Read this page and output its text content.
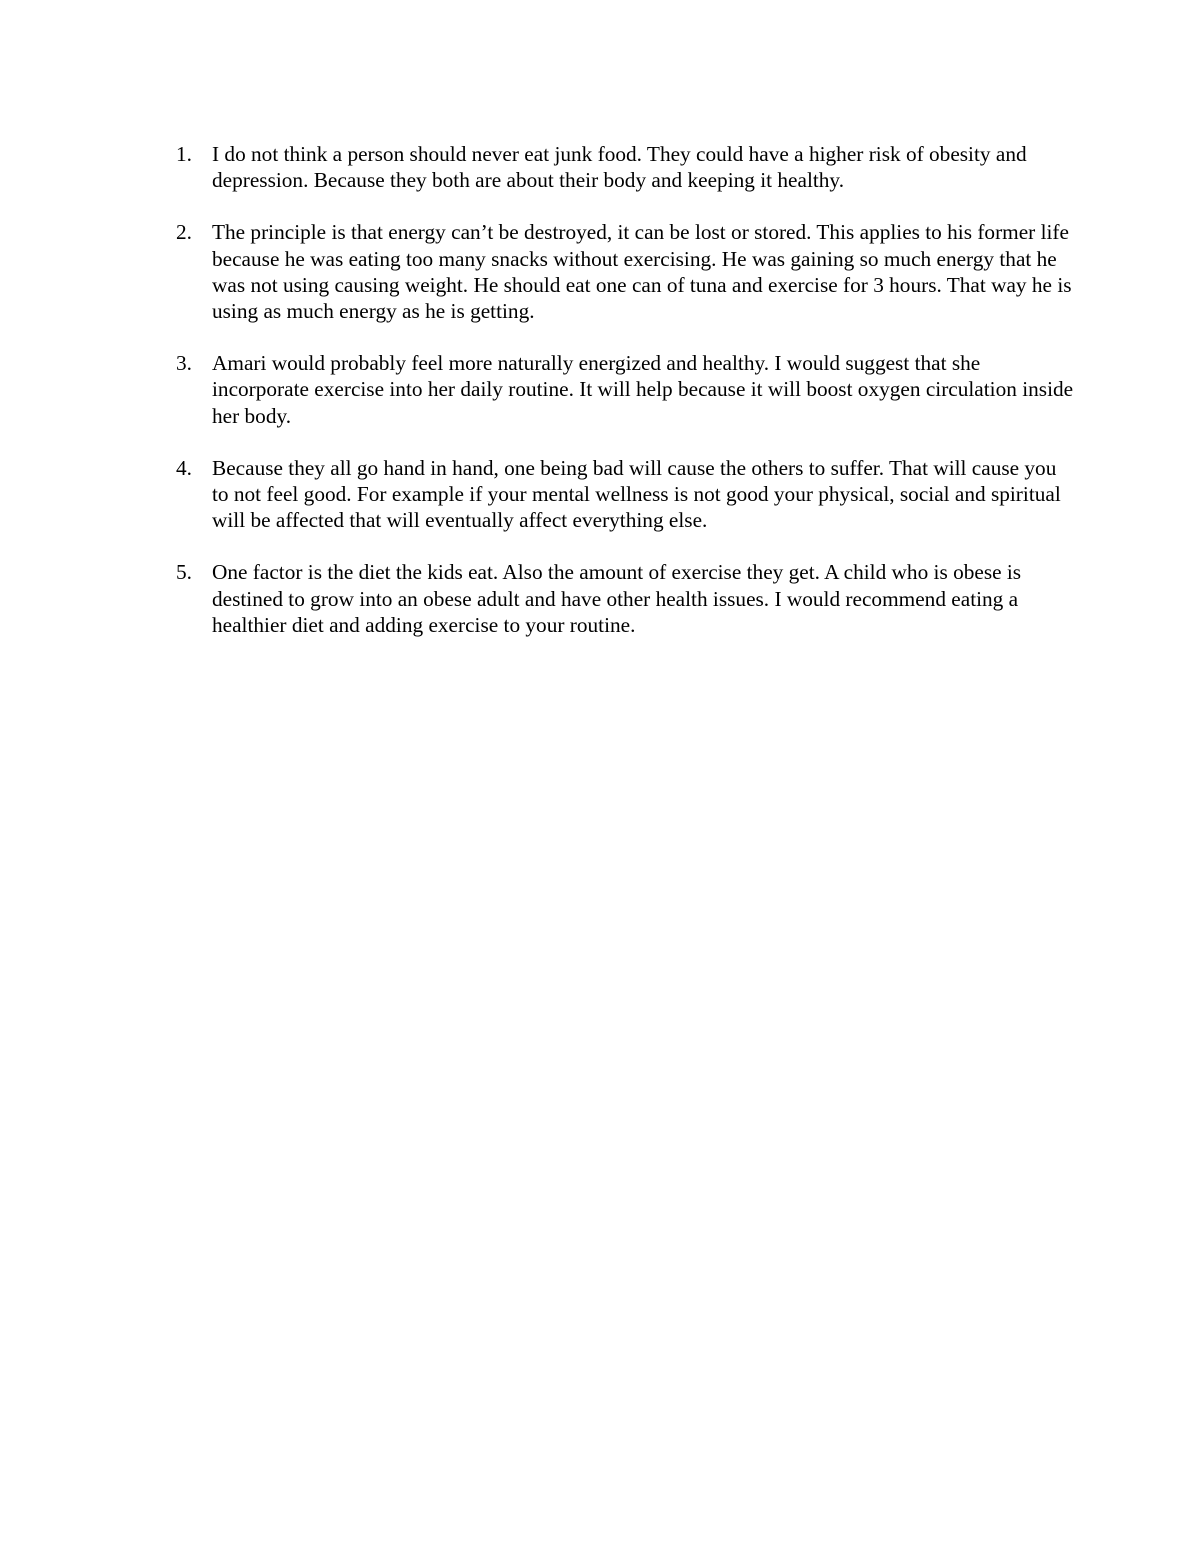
1. I do not think a person should never eat junk food. They could have a higher risk of obesity and depression. Because they both are about their body and keeping it healthy.
2. The principle is that energy can’t be destroyed, it can be lost or stored. This applies to his former life because he was eating too many snacks without exercising. He was gaining so much energy that he was not using causing weight. He should eat one can of tuna and exercise for 3 hours. That way he is using as much energy as he is getting.
3. Amari would probably feel more naturally energized and healthy. I would suggest that she incorporate exercise into her daily routine. It will help because it will boost oxygen circulation inside her body.
4. Because they all go hand in hand, one being bad will cause the others to suffer. That will cause you to not feel good. For example if your mental wellness is not good your physical, social and spiritual will be affected that will eventually affect everything else.
5. One factor is the diet the kids eat. Also the amount of exercise they get. A child who is obese is destined to grow into an obese adult and have other health issues. I would recommend eating a healthier diet and adding exercise to your routine.
